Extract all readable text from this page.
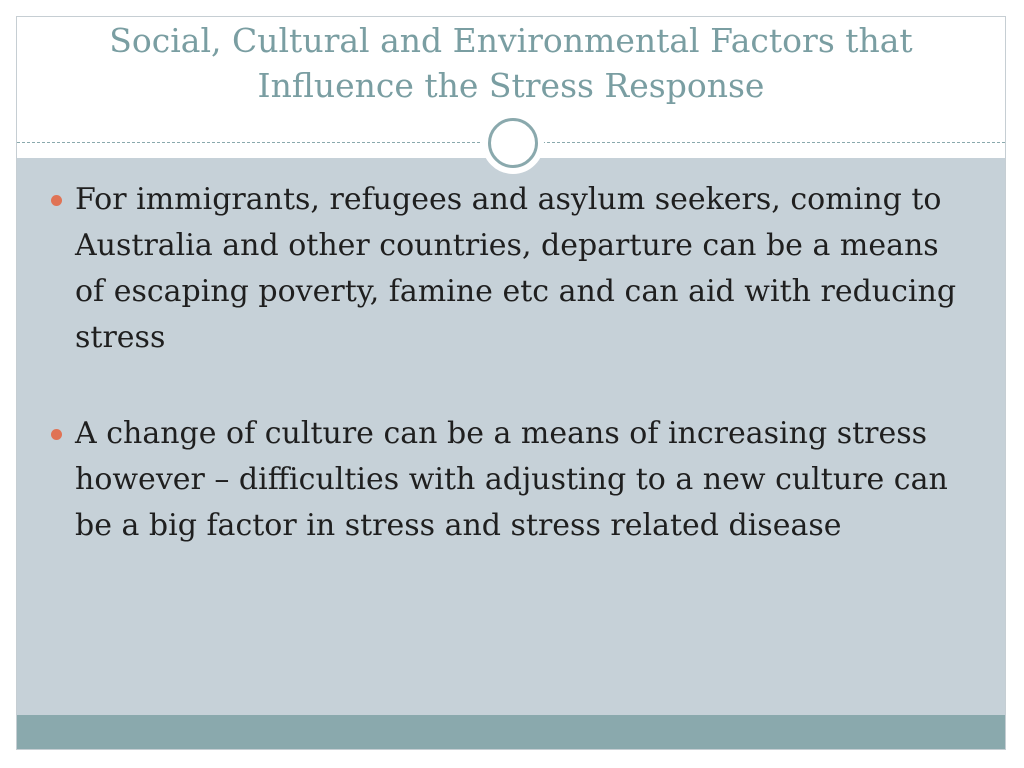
Social, Cultural and Environmental Factors that Influence the Stress Response
For immigrants, refugees and asylum seekers, coming to Australia and other countries, departure can be a means of escaping poverty, famine etc and can aid with reducing stress
A change of culture can be a means of increasing stress however – difficulties with adjusting to a new culture can be a big factor in stress and stress related disease
